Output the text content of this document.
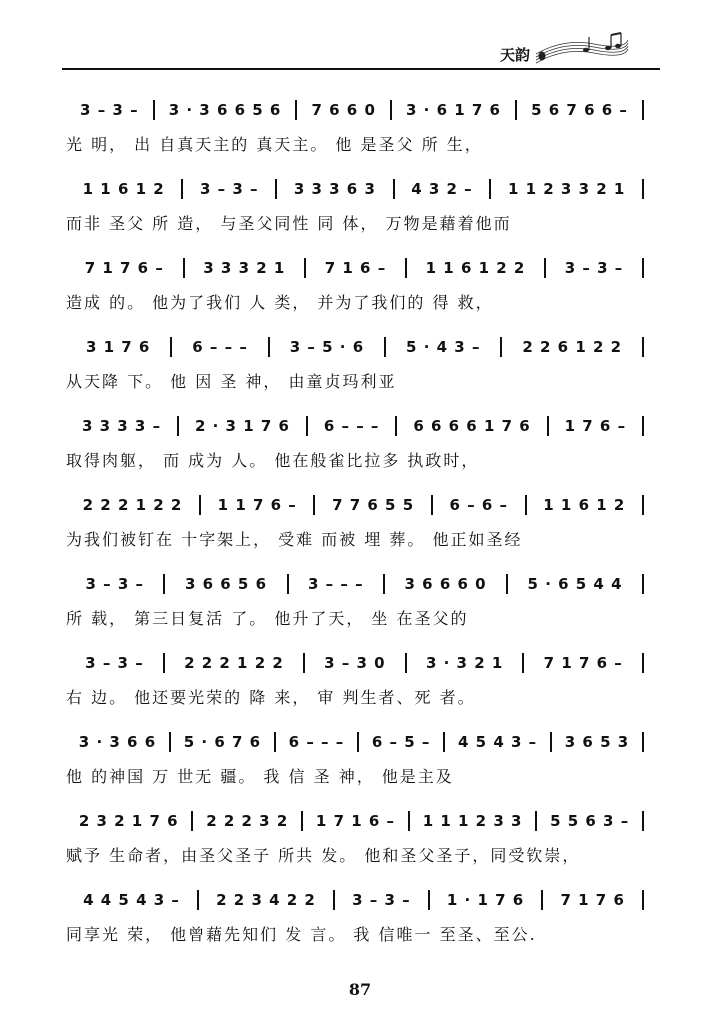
天韵
3 – 3 –	3 · 3 6 6 5 6	7 6 6 0	3 · 6 1 7 6	5 6 7 6 6 –
光 明， 出 自真天主的 真天主。 他 是圣父 所 生，
1 1 6 1 2	3 – 3 –	3 3 3 6 3	4 3 2 –	1 1 2 3 3 2 1
而非 圣父 所 造， 与圣父同性 同 体， 万物是藉着他而
7 1 7 6 –	3 3 3 2 1	7 1 6 –	1 1 6 1 2 2	3 – 3 –
造成 的。 他为了我们 人 类， 并为了我们的 得 救，
3 1 7 6	6 – – –	3 – 5 · 6	5 · 4 3 –	2 2 6 1 2 2
从天降 下。 他 因 圣 神， 由童贞玛利亚
3 3 3 3 –	2 · 3 1 7 6	6 – – –	6 6 6 6 1 7 6	1 7 6 –
取得肉躯， 而 成为 人。 他在般雀比拉多 执政时，
2 2 2 1 2 2	1 1 7 6 –	7 7 6 5 5	6 – 6 –	1 1 6 1 2
为我们被钉在 十字架上， 受难 而被 埋 葬。 他正如圣经
3 – 3 –	3 6 6 5 6	3 – – –	3 6 6 6 0	5 · 6 5 4 4
所 载， 第三日复活 了。 他升了天， 坐 在圣父的
3 – 3 –	2 2 2 1 2 2	3 – 3 0	3 · 3 2 1	7 1 7 6 –
右 边。 他还要光荣的 降 来， 审 判生者、死 者。
3 · 3 6 6	5 · 6 7 6	6 – – –	6 – 5 –	4 5 4 3 –	3 6 5 3
他 的神国 万 世无 疆。 我 信 圣 神， 他是主及
2 3 2 1 7 6	2 2 2 3 2	1 7 1 6 –	1 1 1 2 3 3	5 5 6 3 –
赋予 生命者，由圣父圣子 所共 发。 他和圣父圣子，同受钦崇，
4 4 5 4 3 –	2 2 3 4 2 2	3 – 3 –	1 · 1 7 6	7 1 7 6
同享光 荣， 他曾藉先知们 发 言。 我 信唯一 至圣、至公.
87
